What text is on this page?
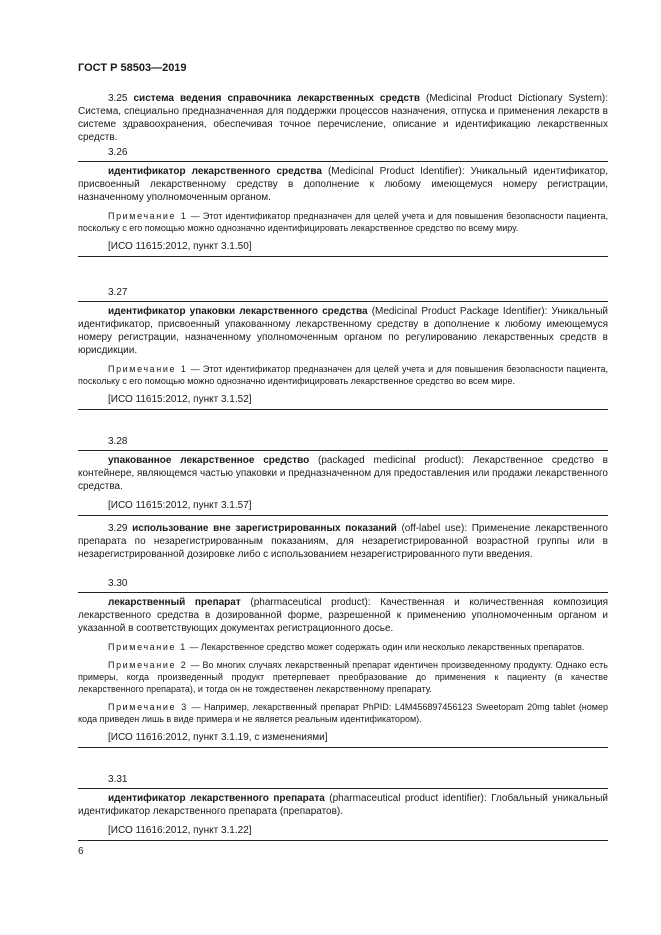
ГОСТ Р 58503—2019

3.25 система ведения справочника лекарственных средств (Medicinal Product Dictionary System): Система, специально предназначенная для поддержки процессов назначения, отпуска и применения лекарств в системе здравоохранения, обеспечивая точное перечисление, описание и идентификацию лекарственных средств.

3.26

идентификатор лекарственного средства (Medicinal Product Identifier): Уникальный идентификатор, присвоенный лекарственному средству в дополнение к любому имеющемуся номеру регистрации, назначенному уполномоченным органом.

Примечание 1 — Этот идентификатор предназначен для целей учета и для повышения безопасности пациента, поскольку с его помощью можно однозначно идентифицировать лекарственное средство по всему миру.

[ИСО 11615:2012, пункт 3.1.50]

3.27

идентификатор упаковки лекарственного средства (Medicinal Product Package Identifier): Уникальный идентификатор, присвоенный упакованному лекарственному средству в дополнение к любому имеющемуся номеру регистрации, назначенному уполномоченным органом по регулированию лекарственных средств в юрисдикции.

Примечание 1 — Этот идентификатор предназначен для целей учета и для повышения безопасности пациента, поскольку с его помощью можно однозначно идентифицировать лекарственное средство во всем мире.

[ИСО 11615:2012, пункт 3.1.52]

3.28

упакованное лекарственное средство (packaged medicinal product): Лекарственное средство в контейнере, являющемся частью упаковки и предназначенном для предоставления или продажи лекарственного средства.

[ИСО 11615:2012, пункт 3.1.57]

3.29 использование вне зарегистрированных показаний (off-label use): Применение лекарственного препарата по незарегистрированным показаниям, для незарегистрированной возрастной группы или в незарегистрированной дозировке либо с использованием незарегистрированного пути введения.

3.30

лекарственный препарат (pharmaceutical product): Качественная и количественная композиция лекарственного средства в дозированной форме, разрешенной к применению уполномоченным органом и указанной в соответствующих документах регистрационного досье.

Примечание 1 — Лекарственное средство может содержать один или несколько лекарственных препаратов.

Примечание 2 — Во многих случаях лекарственный препарат идентичен произведенному продукту. Однако есть примеры, когда произведенный продукт претерпевает преобразование до применения к пациенту (в качестве лекарственного препарата), и тогда он не тождественен лекарственному препарату.

Примечание 3 — Например, лекарственный препарат PhPID: L4M456897456123 Sweetopam 20mg tablet (номер кода приведен лишь в виде примера и не является реальным идентификатором).

[ИСО 11616:2012, пункт 3.1.19, с изменениями]

3.31

идентификатор лекарственного препарата (pharmaceutical product identifier): Глобальный уникальный идентификатор лекарственного препарата (препаратов).

[ИСО 11616:2012, пункт 3.1.22]

6
